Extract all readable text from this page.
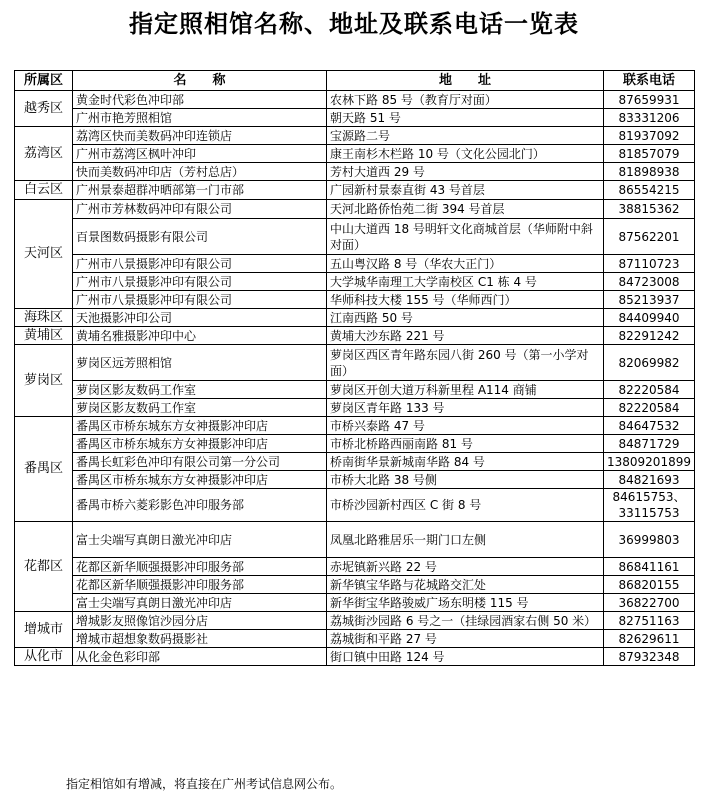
指定照相馆名称、地址及联系电话一览表
所属区	名　　称	地　　址	联系电话
越秀区	黄金时代彩色冲印部	农林下路 85 号（教育厅对面）	87659931
	广州市艳芳照相馆	朝天路 51 号	83331206
荔湾区	荔湾区快而美数码冲印连锁店	宝源路二号	81937092
	广州市荔湾区枫叶冲印	康王南杉木栏路 10 号（文化公园北门）	81857079
	快而美数码冲印店（芳村总店）	芳村大道西 29 号	81898938
白云区	广州景泰超群冲晒部第一门市部	广园新村景泰直街 43 号首层	86554215
天河区	广州市芳林数码冲印有限公司	天河北路侨怡苑二街 394 号首层	38815362
	百景图数码摄影有限公司	中山大道西 18 号明轩文化商城首层（华师附中斜对面）	87562201
	广州市八景摄影冲印有限公司	五山粤汉路 8 号（华农大正门）	87110723
	广州市八景摄影冲印有限公司	大学城华南理工大学南校区 C1 栋 4 号	84723008
	广州市八景摄影冲印有限公司	华师科技大楼 155 号（华师西门）	85213937
海珠区	天池摄影冲印公司	江南西路 50 号	84409940
黄埔区	黄埔名雅摄影冲印中心	黄埔大沙东路 221 号	82291242
萝岗区	萝岗区远芳照相馆	萝岗区西区青年路东园八街 260 号（第一小学对面）	82069982
	萝岗区影友数码工作室	萝岗区开创大道万科新里程 A114 商铺	82220584
	萝岗区影友数码工作室	萝岗区青年路 133 号	82220584
番禺区	番禺区市桥东城东方女神摄影冲印店	市桥兴泰路 47 号	84647532
	番禺区市桥东城东方女神摄影冲印店	市桥北桥路西丽南路 81 号	84871729
	番禺长虹彩色冲印有限公司第一分公司	桥南街华景新城南华路 84 号	13809201899
	番禺区市桥东城东方女神摄影冲印店	市桥大北路 38 号侧	84821693
	番禺市桥六菱彩影色冲印服务部	市桥沙园新村西区 C 街 8 号	84615753、33115753
花都区	富士尖端写真朗日激光冲印店	凤凰北路雅居乐一期门口左侧	36999803
	花都区新华顺强摄影冲印服务部	赤坭镇新兴路 22 号	86841161
	花都区新华顺强摄影冲印服务部	新华镇宝华路与花城路交汇处	86820155
	富士尖端写真朗日激光冲印店	新华街宝华路骏威广场东明楼 115 号	36822700
增城市	增城影友照像馆沙园分店	荔城街沙园路 6 号之一（挂绿园酒家右侧 50 米）	82751163
	增城市超想象数码摄影社	荔城街和平路 27 号	82629611
从化市	从化金色彩印部	街口镇中田路 124 号	87932348
指定相馆如有增减，将直接在广州考试信息网公布。
